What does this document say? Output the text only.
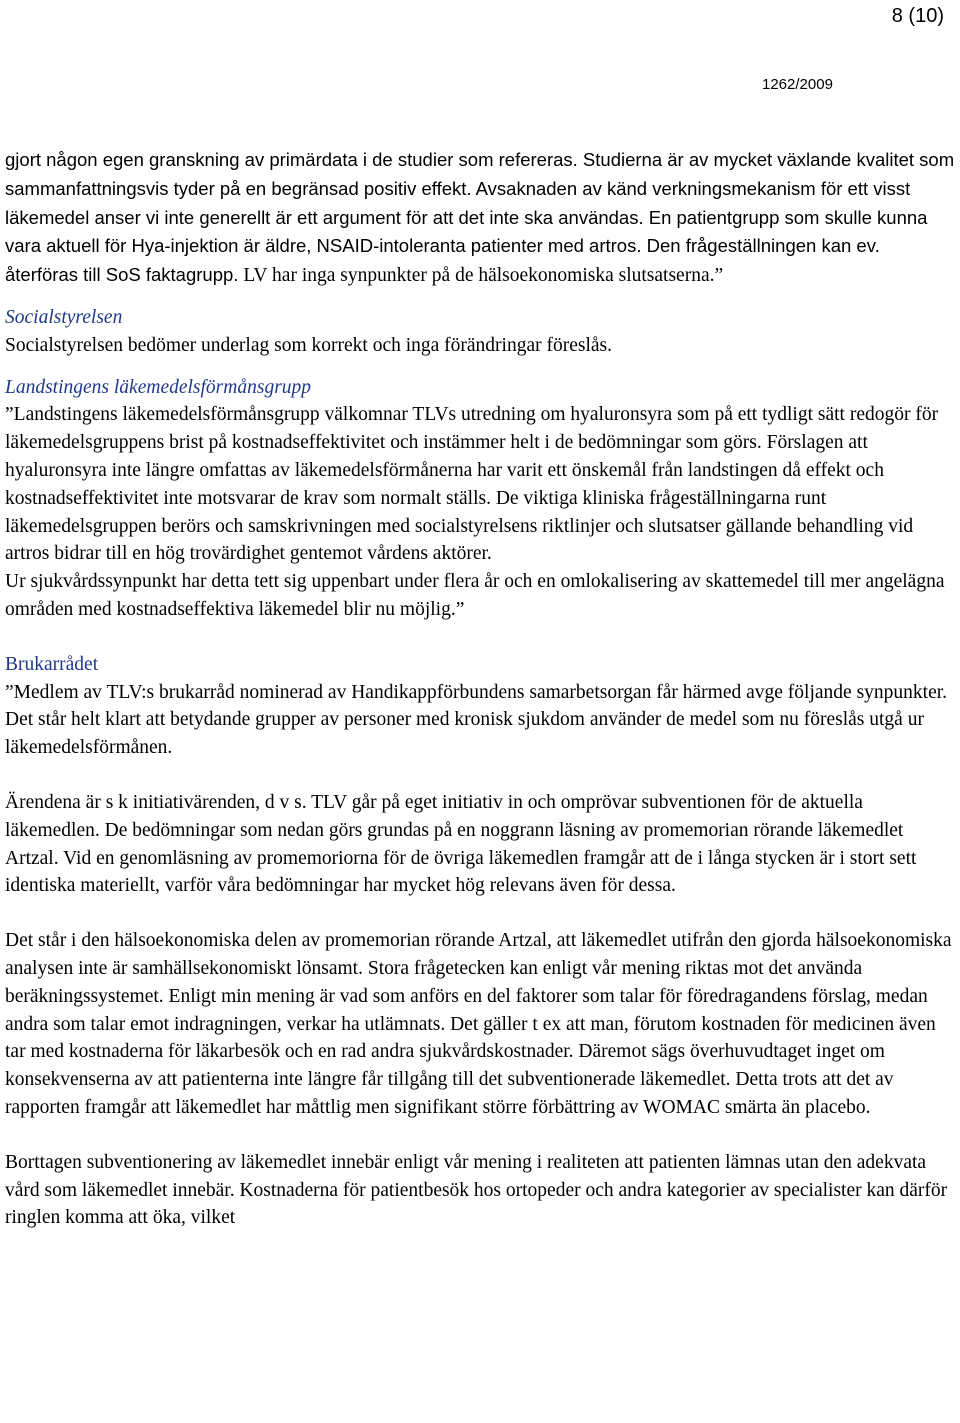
8 (10)
1262/2009

gjort någon egen granskning av primärdata i de studier som refereras. Studierna är av mycket växlande kvalitet som sammanfattningsvis tyder på en begränsad positiv effekt. Avsaknaden av känd verkningsmekanism för ett visst läkemedel anser vi inte generellt är ett argument för att det inte ska användas. En patientgrupp som skulle kunna vara aktuell för Hya-injektion är äldre, NSAID-intoleranta patienter med artros. Den frågeställningen kan ev. återföras till SoS faktagrupp. LV har inga synpunkter på de hälsoekonomiska slutsatserna.”

Socialstyrelsen

Socialstyrelsen bedömer underlag som korrekt och inga förändringar föreslås.

Landstingens läkemedelsförmånsgrupp

”Landstingens läkemedelsförmånsgrupp välkomnar TLVs utredning om hyaluronsyra som på ett tydligt sätt redogör för läkemedelsgruppens brist på kostnadseffektivitet och instämmer helt i de bedömningar som görs. Förslagen att hyaluronsyra inte längre omfattas av läkemedelsförmånerna har varit ett önskemål från landstingen då effekt och kostnadseffektivitet inte motsvarar de krav som normalt ställs. De viktiga kliniska frågeställningarna runt läkemedelsgruppen berörs och samskrivningen med socialstyrelsens riktlinjer och slutsatser gällande behandling vid artros bidrar till en hög trovärdighet gentemot vårdens aktörer.

Ur sjukvårdssynpunkt har detta tett sig uppenbart under flera år och en omlokalisering av skattemedel till mer angelägna områden med kostnadseffektiva läkemedel blir nu möjlig.”

Brukarrådet

”Medlem av TLV:s brukarråd nominerad av Handikappförbundens samarbetsorgan får härmed avge följande synpunkter. Det står helt klart att betydande grupper av personer med kronisk sjukdom använder de medel som nu föreslås utgå ur läkemedelsförmånen.

Ärendena är s k initiativärenden, d v s. TLV går på eget initiativ in och omprövar subventionen för de aktuella läkemedlen. De bedömningar som nedan görs grundas på en noggrann läsning av promemorian rörande läkemedlet Artzal. Vid en genomläsning av promemoriorna för de övriga läkemedlen framgår att de i långa stycken är i stort sett identiska materiellt, varför våra bedömningar har mycket hög relevans även för dessa.

Det står i den hälsoekonomiska delen av promemorian rörande Artzal, att läkemedlet utifrån den gjorda hälsoekonomiska analysen inte är samhällsekonomiskt lönsamt. Stora frågetecken kan enligt vår mening riktas mot det använda beräkningssystemet. Enligt min mening är vad som anförs en del faktorer som talar för föredragandens förslag, medan andra som talar emot indragningen, verkar ha utlämnats. Det gäller t ex att man, förutom kostnaden för medicinen även tar med kostnaderna för läkarbesök och en rad andra sjukvårdskostnader. Däremot sägs överhuvudtaget inget om konsekvenserna av att patienterna inte längre får tillgång till det subventionerade läkemedlet. Detta trots att det av rapporten framgår att läkemedlet har måttlig men signifikant större förbättring av WOMAC smärta än placebo.

Borttagen subventionering av läkemedlet innebär enligt vår mening i realiteten att patienten lämnas utan den adekvata vård som läkemedlet innebär. Kostnaderna för patientbesök hos ortopeder och andra kategorier av specialister kan därför ringlen komma att öka, vilket
